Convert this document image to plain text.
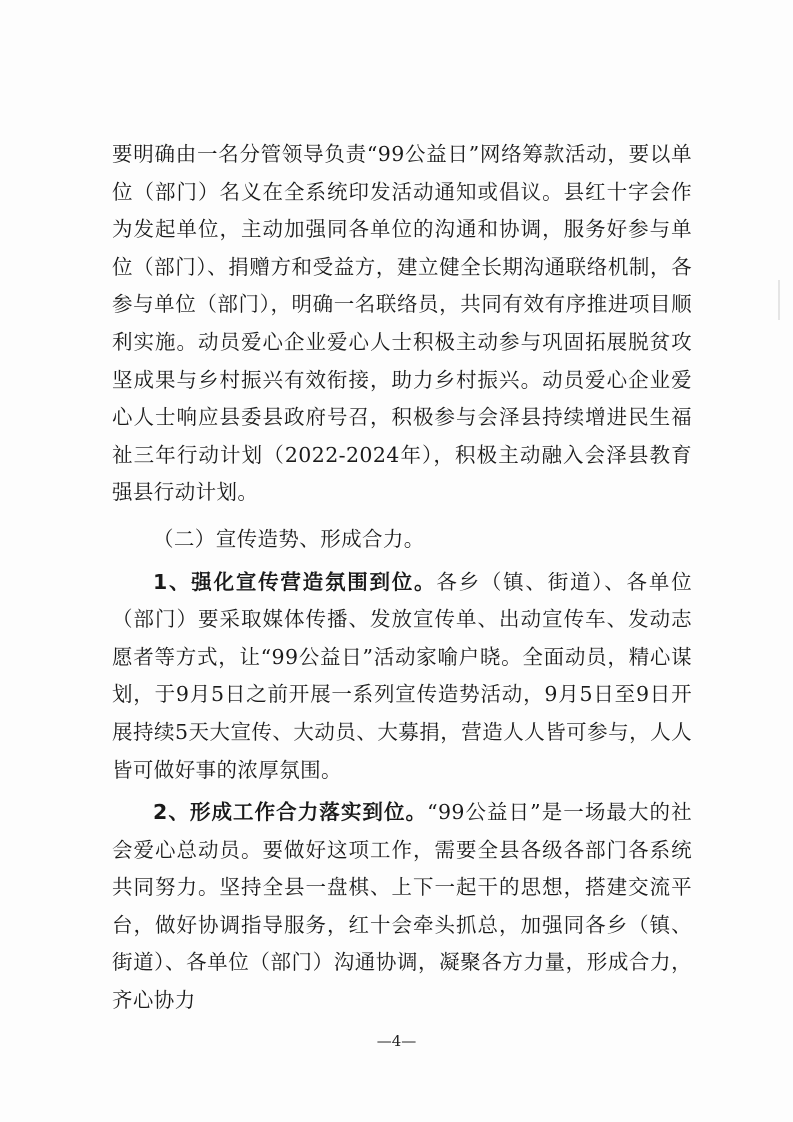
要明确由一名分管领导负责“99公益日”网络筹款活动，要以单位（部门）名义在全系统印发活动通知或倡议。县红十字会作为发起单位，主动加强同各单位的沟通和协调，服务好参与单位（部门）、捐赠方和受益方，建立健全长期沟通联络机制，各参与单位（部门），明确一名联络员，共同有效有序推进项目顺利实施。动员爱心企业爱心人士积极主动参与巩固拓展脱贫攻坚成果与乡村振兴有效衔接，助力乡村振兴。动员爱心企业爱心人士响应县委县政府号召，积极参与会泽县持续增进民生福祉三年行动计划（2022-2024年），积极主动融入会泽县教育强县行动计划。

（二）宣传造势、形成合力。

1、强化宣传营造氛围到位。各乡（镇、街道）、各单位（部门）要采取媒体传播、发放宣传单、出动宣传车、发动志愿者等方式，让“99公益日”活动家喻户晓。全面动员，精心谋划，于9月5日之前开展一系列宣传造势活动，9月5日至9日开展持续5天大宣传、大动员、大募捐，营造人人皆可参与，人人皆可做好事的浓厚氛围。

2、形成工作合力落实到位。“99公益日”是一场最大的社会爱心总动员。要做好这项工作，需要全县各级各部门各系统共同努力。坚持全县一盘棋、上下一起干的思想，搭建交流平台，做好协调指导服务，红十会牵头抓总，加强同各乡（镇、街道）、各单位（部门）沟通协调，凝聚各方力量，形成合力，齐心协力

—4—
